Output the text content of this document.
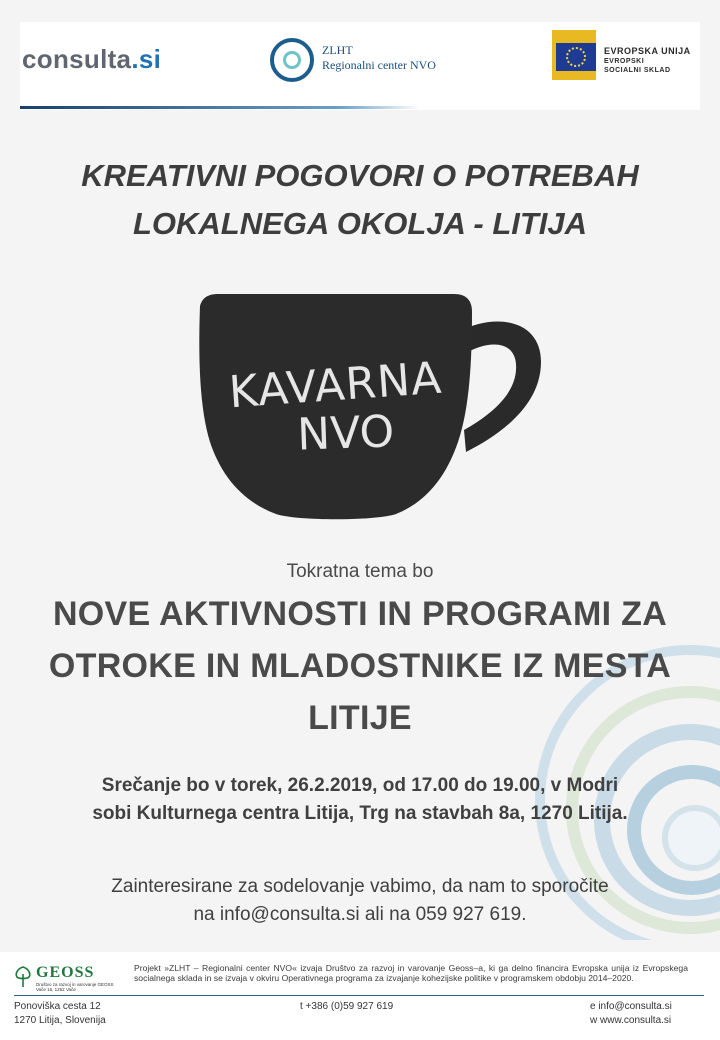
consulta.si	ZLHT
Regionalni center NVO
EVROPSKA UNIJA
EVROPSKI
SOCIALNI SKLAD
KREATIVNI POGOVORI O POTREBAH
LOKALNEGA OKOLJA - LITIJA
KAVARNA
NVO
Tokratna tema bo
NOVE AKTIVNOSTI IN PROGRAMI ZA
OTROKE IN MLADOSTNIKE IZ MESTA
LITIJE
Srečanje bo v torek, 26.2.2019, od 17.00 do 19.00, v Modri
sobi Kulturnega centra Litija, Trg na stavbah 8a, 1270 Litija.
Zainteresirane za sodelovanje vabimo, da nam to sporočite
na info@consulta.si ali na 059 927 619.
GEOSS
Društvo za razvoj in varovanje GEOSS
Vače 16, 1252 Vače
Projekt »ZLHT – Regionalni center NVO« izvaja Društvo za razvoj in varovanje Geoss–a, ki ga delno financira Evropska unija iz Evropskega socialnega sklada in se izvaja v okviru Operativnega programa za izvajanje kohezijske politike v programskem obdobju 2014–2020.
Ponoviška cesta 12
1270 Litija, Slovenija
t +386 (0)59 927 619	e info@consulta.si
w www.consulta.si
